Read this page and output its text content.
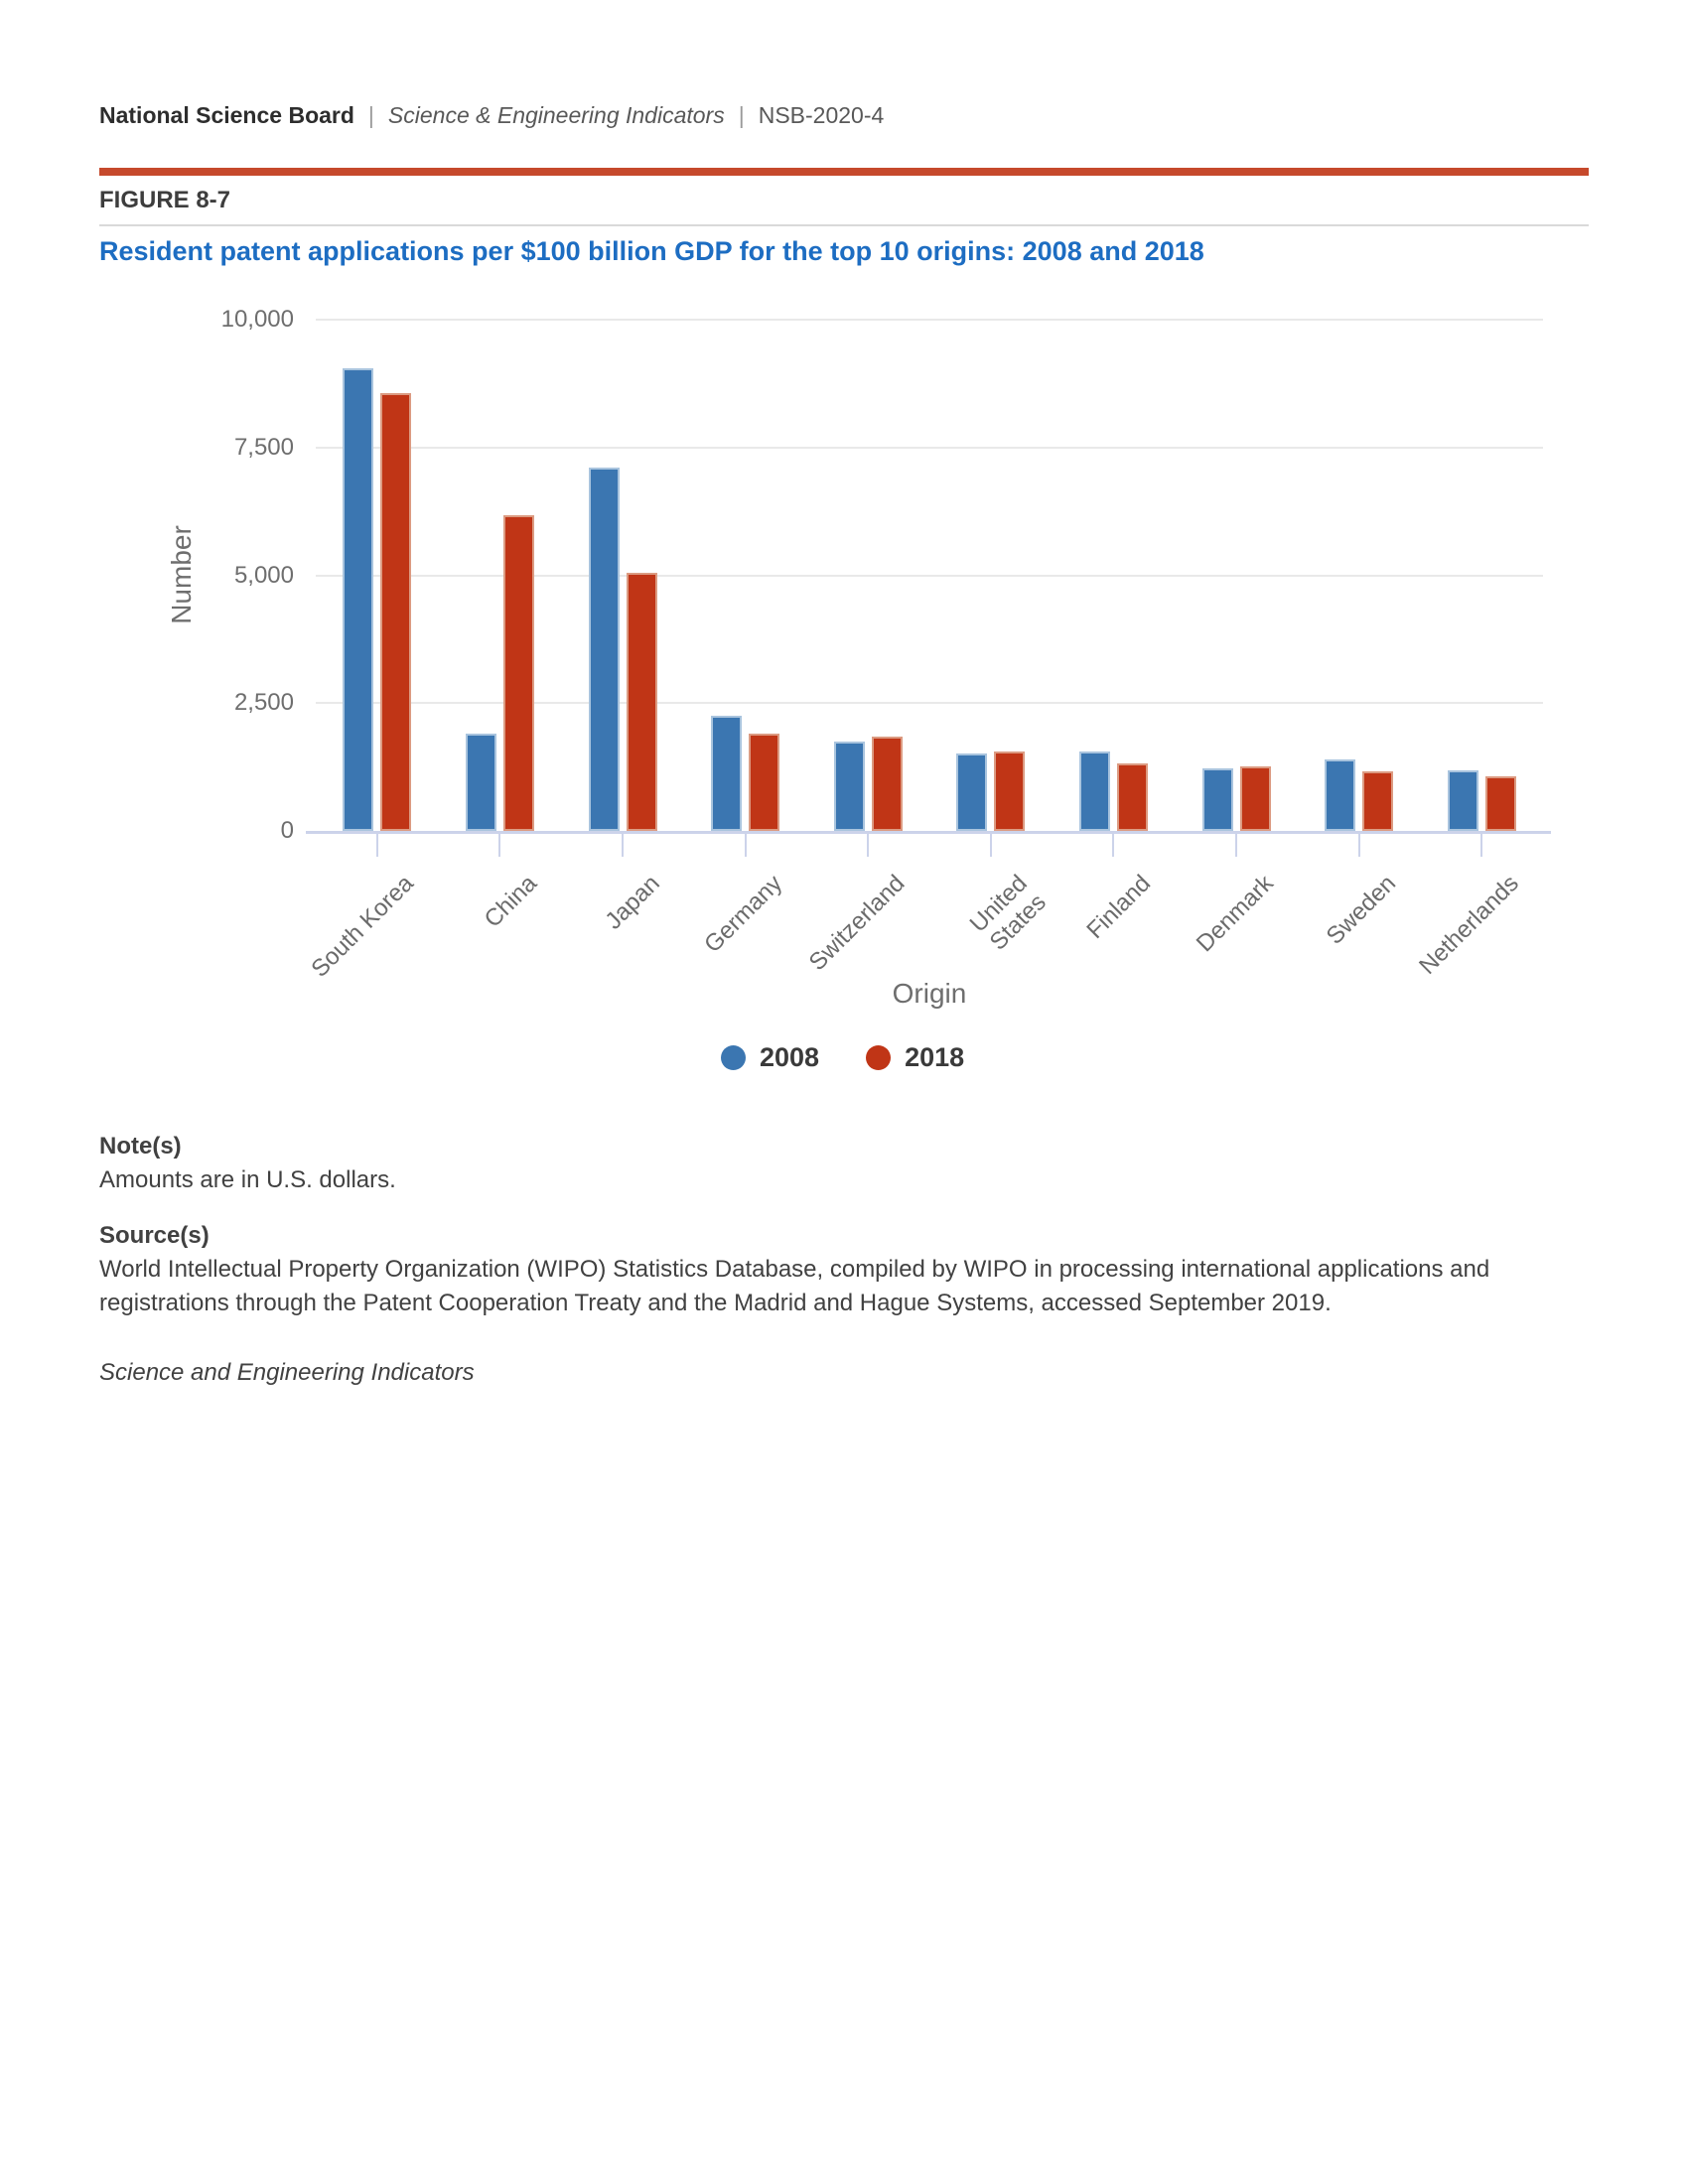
National Science Board | Science & Engineering Indicators | NSB-2020-4
FIGURE 8-7
Resident patent applications per $100 billion GDP for the top 10 origins: 2008 and 2018
0
2,500
5,000
7,500
10,000
South Korea	China Japan Germany Switzerland United
States Finland Denmark Sweden Netherlands
Number
Origin
2008	2018
Note(s)

Amounts are in U.S. dollars.

Source(s)

World Intellectual Property Organization (WIPO) Statistics Database, compiled by WIPO in processing international applications and registrations through the Patent Cooperation Treaty and the Madrid and Hague Systems, accessed September 2019.

Science and Engineering Indicators
